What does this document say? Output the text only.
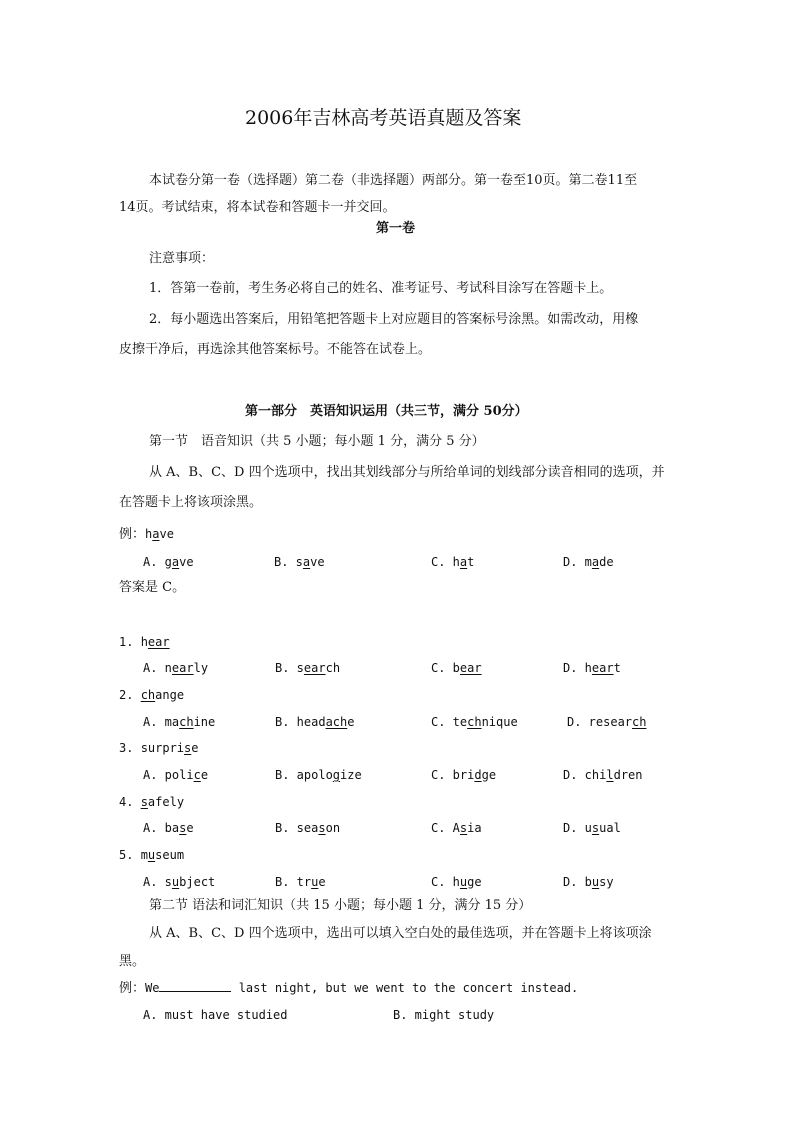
2006年吉林高考英语真题及答案
本试卷分第一卷（选择题）第二卷（非选择题）两部分。第一卷至10页。第二卷11至
14页。考试结束，将本试卷和答题卡一并交回。
第一卷
注意事项：
1．答第一卷前，考生务必将自己的姓名、准考证号、考试科目涂写在答题卡上。
2．每小题选出答案后，用铅笔把答题卡上对应题目的答案标号涂黑。如需改动，用橡
皮擦干净后，再选涂其他答案标号。不能答在试卷上。
第一部分　英语知识运用（共三节，满分 50分）
第一节　语音知识（共 5 小题；每小题 1 分，满分 5 分）
从 A、B、C、D 四个选项中，找出其划线部分与所给单词的划线部分读音相同的选项，并
在答题卡上将该项涂黑。
例：have
A. gave	B. save	C. hat	D. made
答案是 C。
1. hear
A. nearly	B. search	C. bear	D. heart
2. change
A. machine	B. headache	C. technique	D. research
3. surprise
A. police	B. apologize	C. bridge	D. children
4. safely
A. base	B. season	C. Asia	D. usual
5. museum
A. subject	B. true	C. huge	D. busy
第二节 语法和词汇知识（共 15 小题；每小题 1 分，满分 15 分）
从 A、B、C、D 四个选项中，选出可以填入空白处的最佳选项，并在答题卡上将该项涂
黑。
例：We	last night, but we went to the concert instead.
A. must have studied	B. might study
